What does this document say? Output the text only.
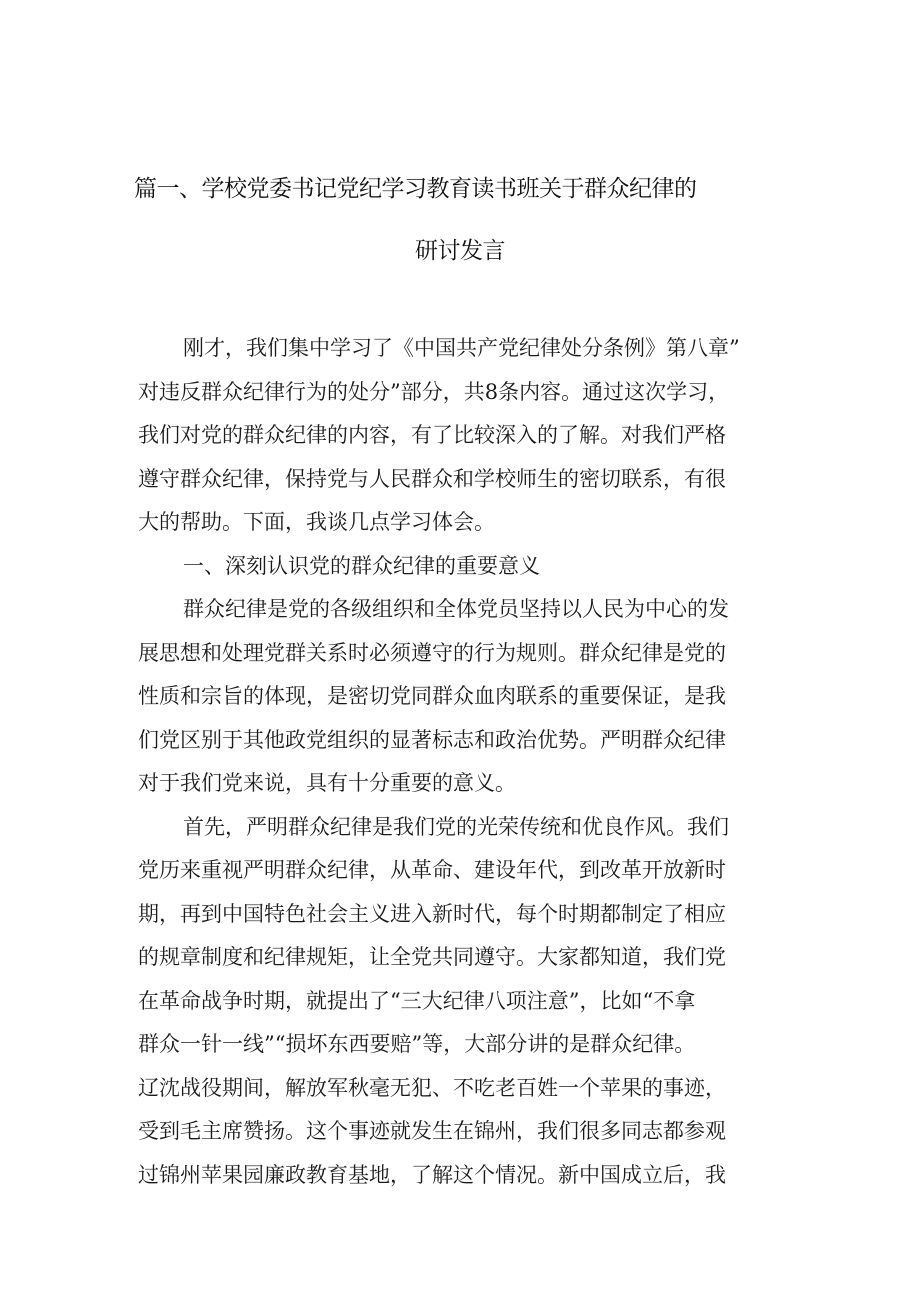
篇一、学校党委书记党纪学习教育读书班关于群众纪律的
研讨发言
刚才，我们集中学习了《中国共产党纪律处分条例》第八章”
对违反群众纪律行为的处分”部分，共8条内容。通过这次学习，
我们对党的群众纪律的内容，有了比较深入的了解。对我们严格
遵守群众纪律，保持党与人民群众和学校师生的密切联系，有很
大的帮助。下面，我谈几点学习体会。
一、深刻认识党的群众纪律的重要意义
群众纪律是党的各级组织和全体党员坚持以人民为中心的发
展思想和处理党群关系时必须遵守的行为规则。群众纪律是党的
性质和宗旨的体现，是密切党同群众血肉联系的重要保证，是我
们党区别于其他政党组织的显著标志和政治优势。严明群众纪律
对于我们党来说，具有十分重要的意义。
首先，严明群众纪律是我们党的光荣传统和优良作风。我们
党历来重视严明群众纪律，从革命、建设年代，到改革开放新时
期，再到中国特色社会主义进入新时代，每个时期都制定了相应
的规章制度和纪律规矩，让全党共同遵守。大家都知道，我们党
在革命战争时期，就提出了“三大纪律八项注意”，比如“不拿
群众一针一线”“损坏东西要赔”等，大部分讲的是群众纪律。
辽沈战役期间，解放军秋毫无犯、不吃老百姓一个苹果的事迹，
受到毛主席赞扬。这个事迹就发生在锦州，我们很多同志都参观
过锦州苹果园廉政教育基地，了解这个情况。新中国成立后，我
